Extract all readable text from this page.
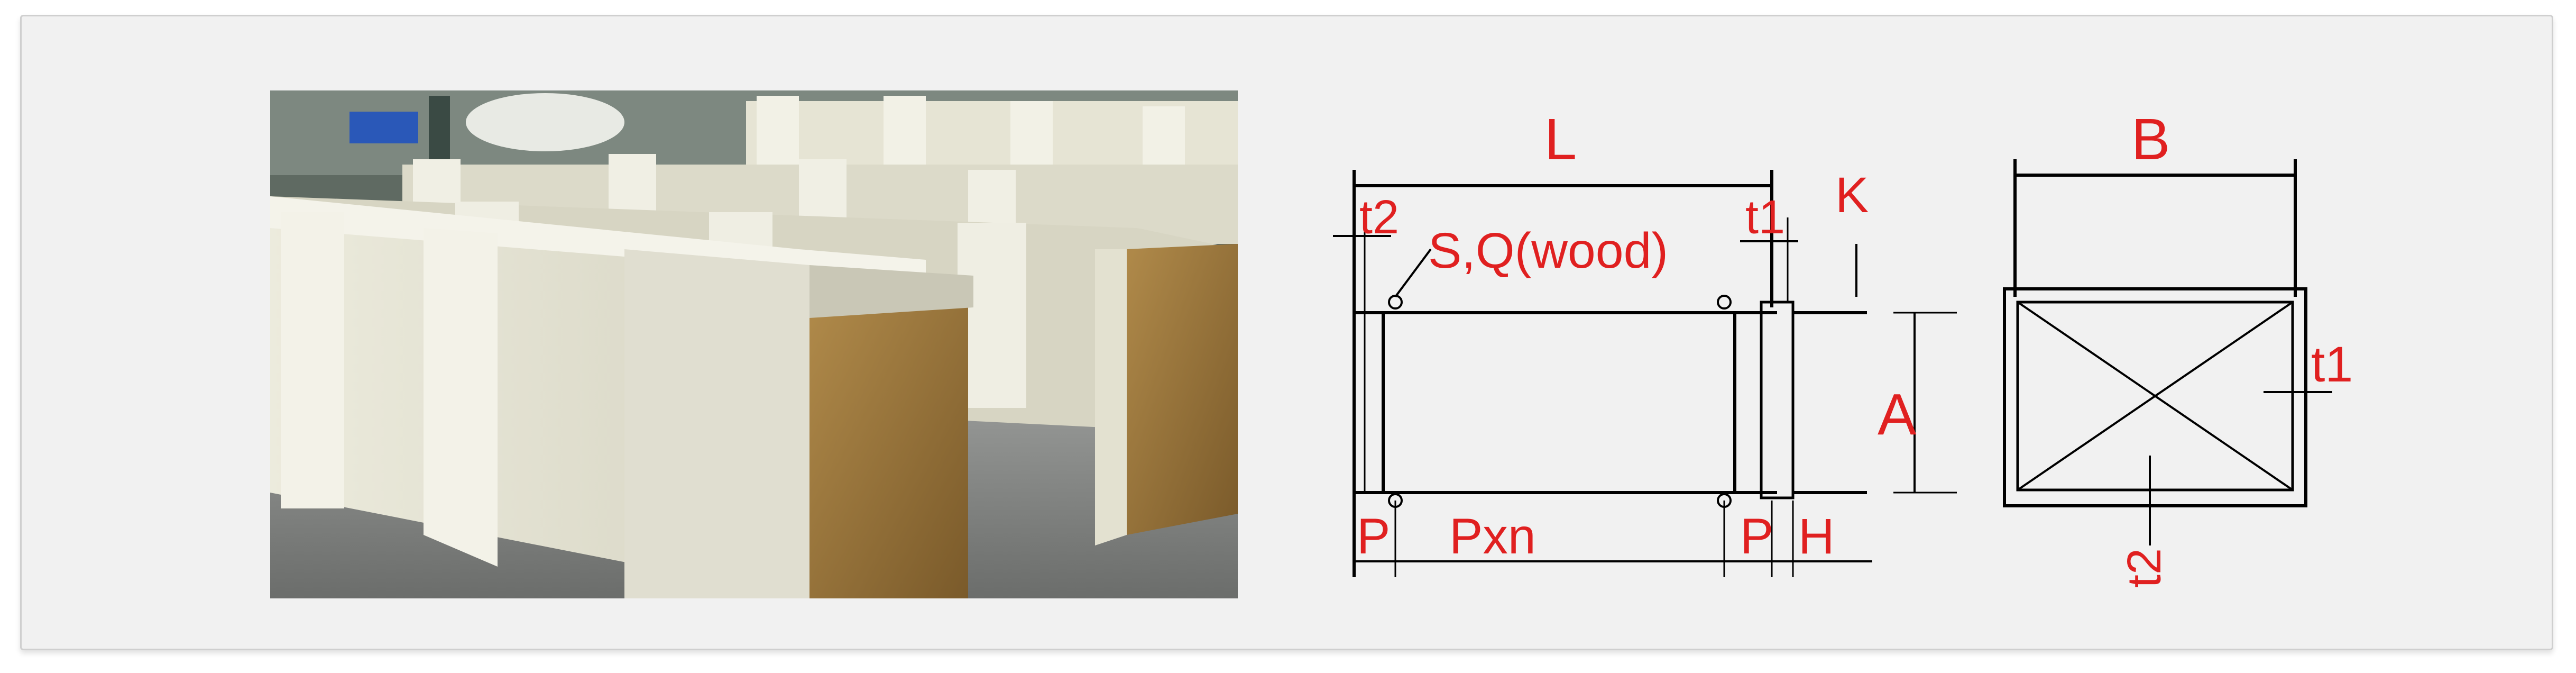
L
t2
S,Q(wood)
t1 K
P Pxn	P H
A
B
t1
t2
